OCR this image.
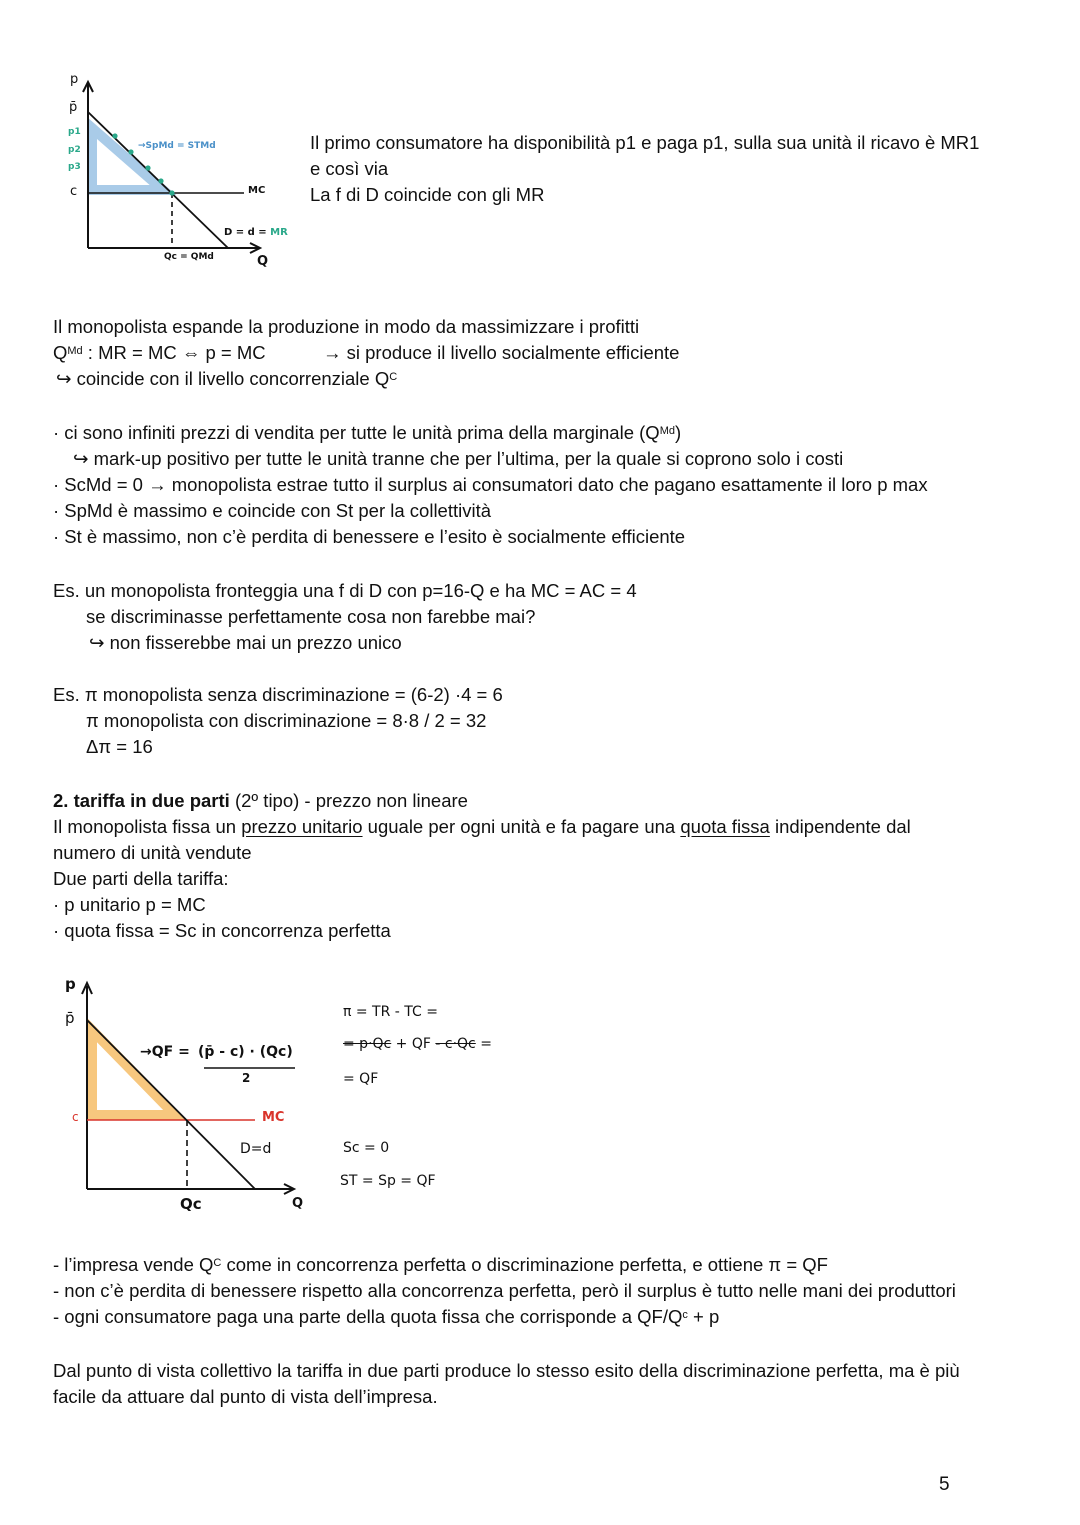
p
p̄
p1
p2
p3
c
→SpMd = STMd
MC
D = d = MR
Qc = QMd	Q
Il primo consumatore ha disponibilità p1 e paga p1, sulla sua unità il ricavo è MR1
e così via
La f di D coincide con gli MR
Il monopolista espande la produzione in modo da massimizzare i profitti
$Q^{Md}$ : MR = MC ⇔ p = MC	→ si produce il livello socialmente efficiente
↪ coincide con il livello concorrenziale $Q^C$
· ci sono infiniti prezzi di vendita per tutte le unità prima della marginale $(Q^{Md})$
↪ mark-up positivo per tutte le unità tranne che per l’ultima, per la quale si coprono solo i costi
· ScMd = 0 → monopolista estrae tutto il surplus ai consumatori dato che pagano esattamente il loro p max
· SpMd è massimo e coincide con St per la collettività
· St è massimo, non c’è perdita di benessere e l’esito è socialmente efficiente
Es. un monopolista fronteggia una f di D con p=16-Q e ha MC = AC = 4
se discriminasse perfettamente cosa non farebbe mai?
↪ non fisserebbe mai un prezzo unico
Es. π monopolista senza discriminazione = (6-2) ·4 = 6
π monopolista con discriminazione = 8·8 / 2 = 32
Δπ = 16
2. tariffa in due parti (2º tipo) - prezzo non lineare
Il monopolista fissa un prezzo unitario uguale per ogni unità e fa pagare una quota fissa indipendente dal
numero di unità vendute
Due parti della tariffa:
· p unitario p = MC
· quota fissa = Sc in concorrenza perfetta
p
p̄
c
→QF = (p̄ - c) · (Qc)
2
MC
D=d
Qc	Q
π = TR - TC =
= p·Qc + QF - c·Qc =
= QF
Sc = 0
ST = Sp = QF
- l’impresa vende $Q^C$ come in concorrenza perfetta o discriminazione perfetta, e ottiene π = QF
- non c’è perdita di benessere rispetto alla concorrenza perfetta, però il surplus è tutto nelle mani dei produttori
- ogni consumatore paga una parte della quota fissa che corrisponde a $QF/Q^c + p$
Dal punto di vista collettivo la tariffa in due parti produce lo stesso esito della discriminazione perfetta, ma è più
facile da attuare dal punto di vista dell’impresa.
5
